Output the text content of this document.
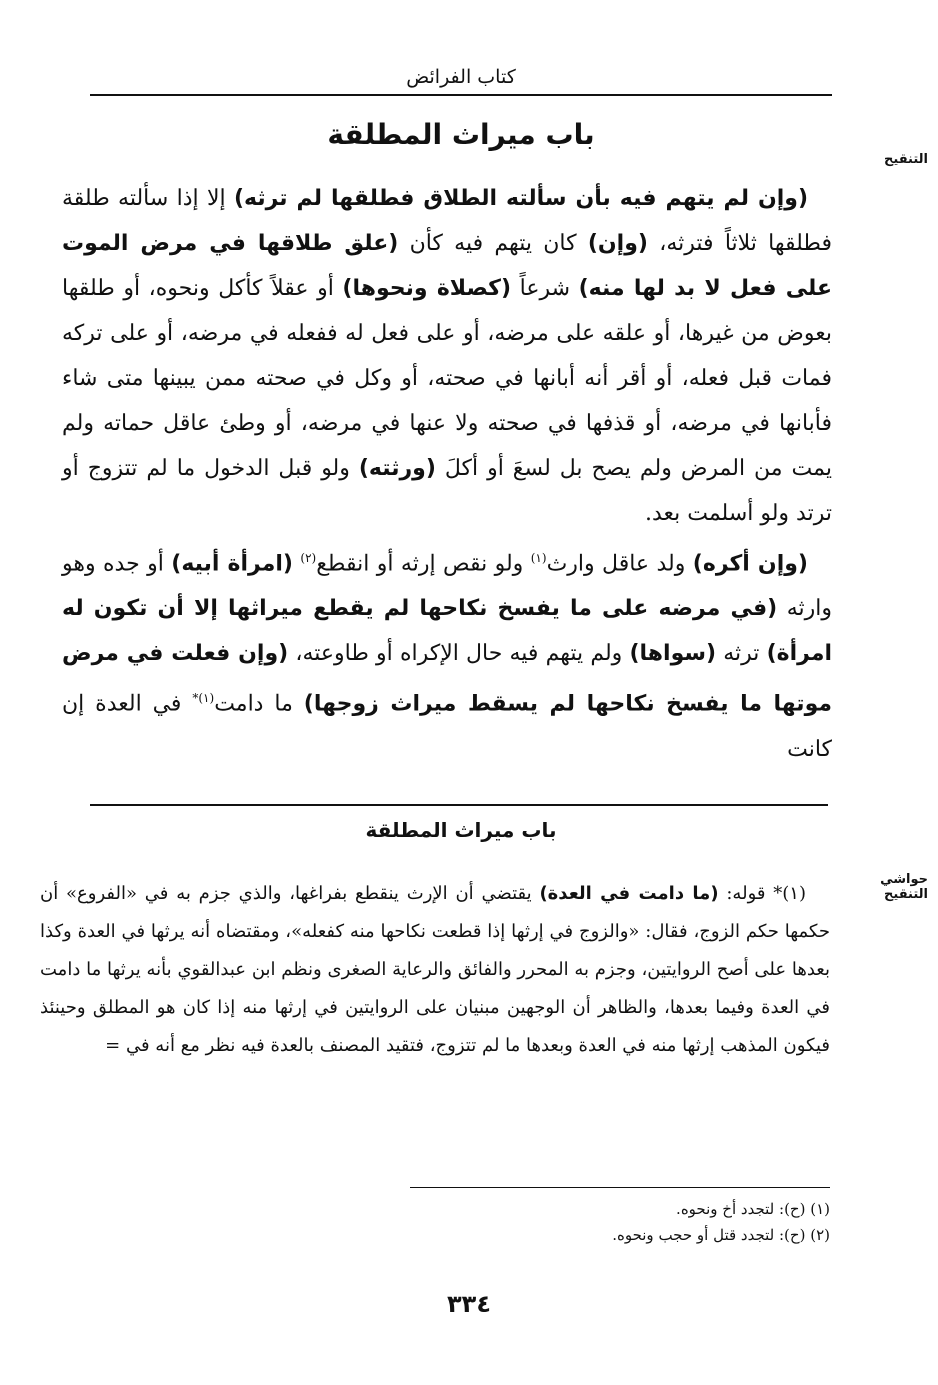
كتاب الفرائض
التنقيح
حواشي التنقيح
باب ميراث المطلقة

(وإن لم يتهم فيه بأن سألته الطلاق فطلقها لم ترثه) إلا إذا سألته طلقة فطلقها ثلاثاً فترثه، (وإن) كان يتهم فيه كأن (علق طلاقها في مرض الموت على فعل لا بد لها منه) شرعاً (كصلاة ونحوها) أو عقلاً كأكل ونحوه، أو طلقها بعوض من غيرها، أو علقه على مرضه، أو على فعل له ففعله في مرضه، أو على تركه فمات قبل فعله، أو أقر أنه أبانها في صحته، أو وكل في صحته ممن يبينها متى شاء فأبانها في مرضه، أو قذفها في صحته ولا عنها في مرضه، أو وطئ عاقل حماته ولم يمت من المرض ولم يصح بل لسعَ أو أكلَ (ورثته) ولو قبل الدخول ما لم تتزوج أو ترتد ولو أسلمت بعد.

(وإن أكره) ولد عاقل وارث$^{(١)}$ ولو نقص إرثه أو انقطع$^{(٢)}$ (امرأة أبيه) أو جده وهو وارثه (في مرضه على ما يفسخ نكاحها لم يقطع ميراثها إلا أن تكون له امرأة) ترثه (سواها) ولم يتهم فيه حال الإكراه أو طاوعته، (وإن فعلت في مرض موتها ما يفسخ نكاحها لم يسقط ميراث زوجها) ما دامت$^{(١)*}$ في العدة إن كانت

باب ميراث المطلقة

(١)* قوله: (ما دامت في العدة) يقتضي أن الإرث ينقطع بفراغها، والذي جزم به في «الفروع» أن حكمها حكم الزوج، فقال: «والزوج في إرثها إذا قطعت نكاحها منه كفعله»، ومقتضاه أنه يرثها في العدة وكذا بعدها على أصح الروايتين، وجزم به المحرر والفائق والرعاية الصغرى ونظم ابن عبدالقوي بأنه يرثها ما دامت في العدة وفيما بعدها، والظاهر أن الوجهين مبنيان على الروايتين في إرثها منه إذا كان هو المطلق وحينئذ فيكون المذهب إرثها منه في العدة وبعدها ما لم تتزوج، فتقيد المصنف بالعدة فيه نظر مع أنه في =

(١) (ح): لتجدد أخ ونحوه.
(٢) (ح): لتجدد قتل أو حجب ونحوه.
٣٣٤
